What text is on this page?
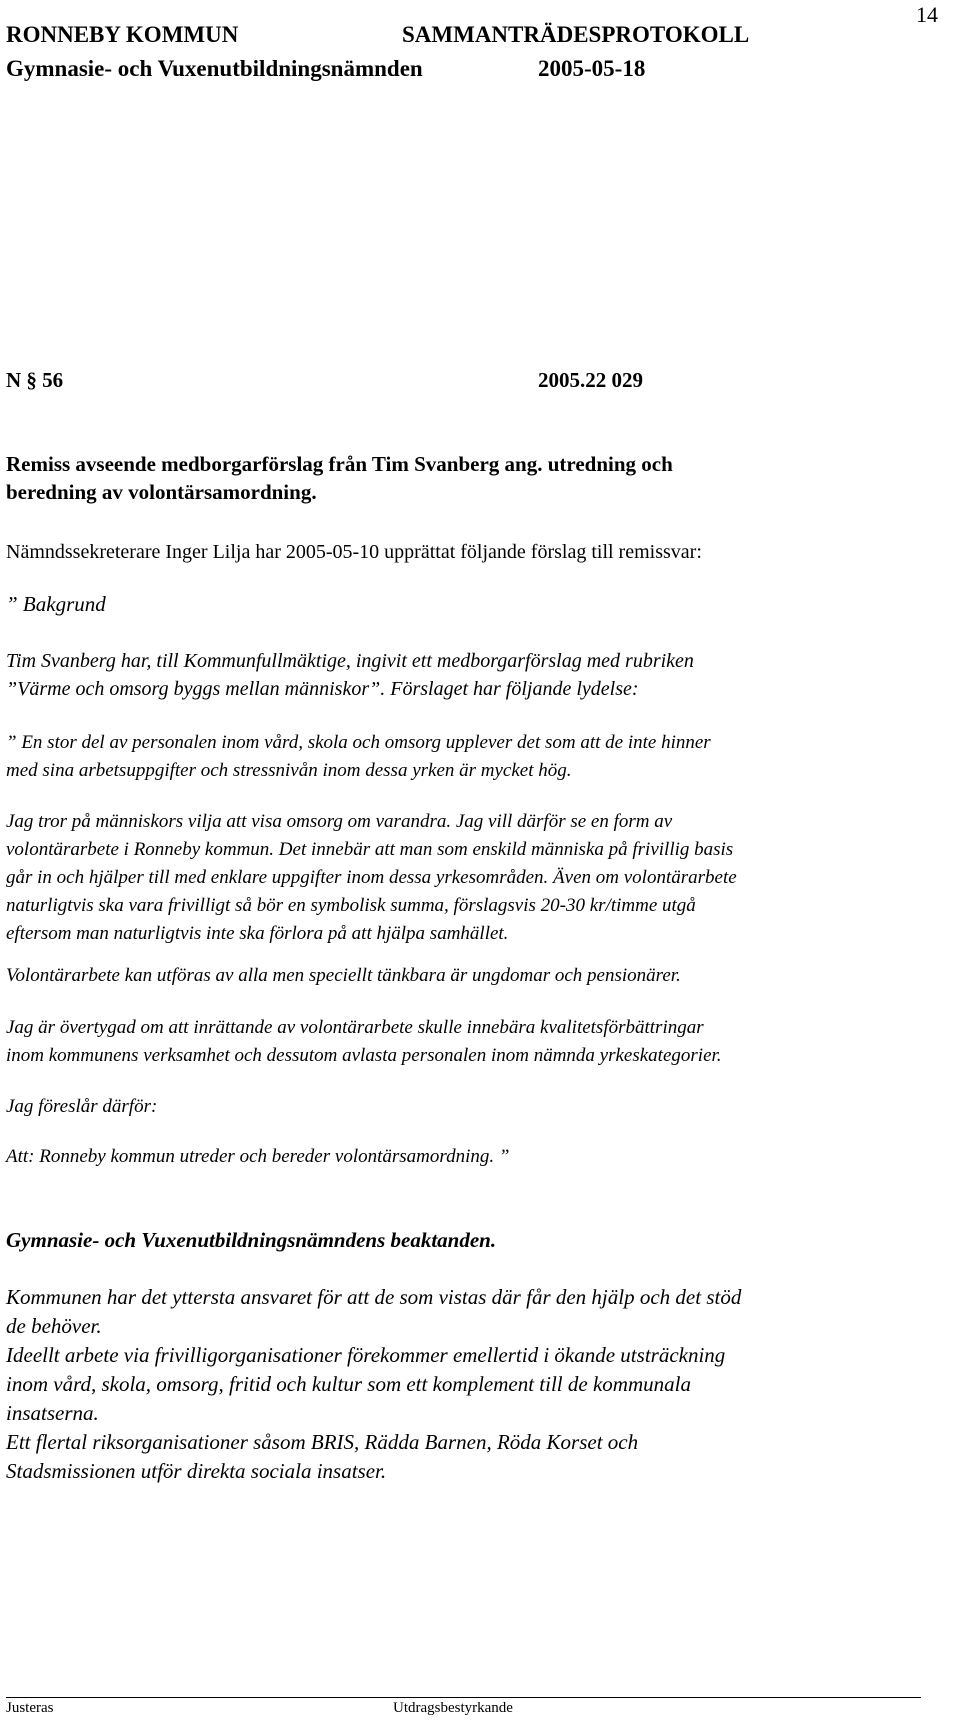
14
RONNEBY KOMMUN	SAMMANTRÄDESPROTOKOLL
Gymnasie- och Vuxenutbildningsnämnden	2005-05-18
N § 56	2005.22 029
Remiss avseende medborgarförslag från Tim Svanberg ang. utredning och
beredning av volontärsamordning.
Nämndssekreterare Inger Lilja har 2005-05-10 upprättat följande förslag till remissvar:
” Bakgrund
Tim Svanberg har, till Kommunfullmäktige, ingivit ett medborgarförslag med rubriken
”Värme och omsorg byggs mellan människor”. Förslaget har följande lydelse:
” En stor del av personalen inom vård, skola och omsorg upplever det som att de inte hinner
med sina arbetsuppgifter och stressnivån inom dessa yrken är mycket hög.
Jag tror på människors vilja att visa omsorg om varandra. Jag vill därför se en form av
volontärarbete i Ronneby kommun. Det innebär att man som enskild människa på frivillig basis
går in och hjälper till med enklare uppgifter inom dessa yrkesområden. Även om volontärarbete
naturligtvis ska vara frivilligt så bör en symbolisk summa, förslagsvis 20-30 kr/timme utgå
eftersom man naturligtvis inte ska förlora på att hjälpa samhället.
Volontärarbete kan utföras av alla men speciellt tänkbara är ungdomar och pensionärer.
Jag är övertygad om att inrättande av volontärarbete skulle innebära kvalitetsförbättringar
inom kommunens verksamhet och dessutom avlasta personalen inom nämnda yrkeskategorier.
Jag föreslår därför:
Att: Ronneby kommun utreder och bereder volontärsamordning. ”
Gymnasie- och Vuxenutbildningsnämndens beaktanden.
Kommunen har det yttersta ansvaret för att de som vistas där får den hjälp och det stöd
de behöver.
Ideellt arbete via frivilligorganisationer förekommer emellertid i ökande utsträckning
inom vård, skola, omsorg, fritid och kultur som ett komplement till de kommunala
insatserna.
Ett flertal riksorganisationer såsom BRIS, Rädda Barnen, Röda Korset och
Stadsmissionen utför direkta sociala insatser.
Justeras	Utdragsbestyrkande
